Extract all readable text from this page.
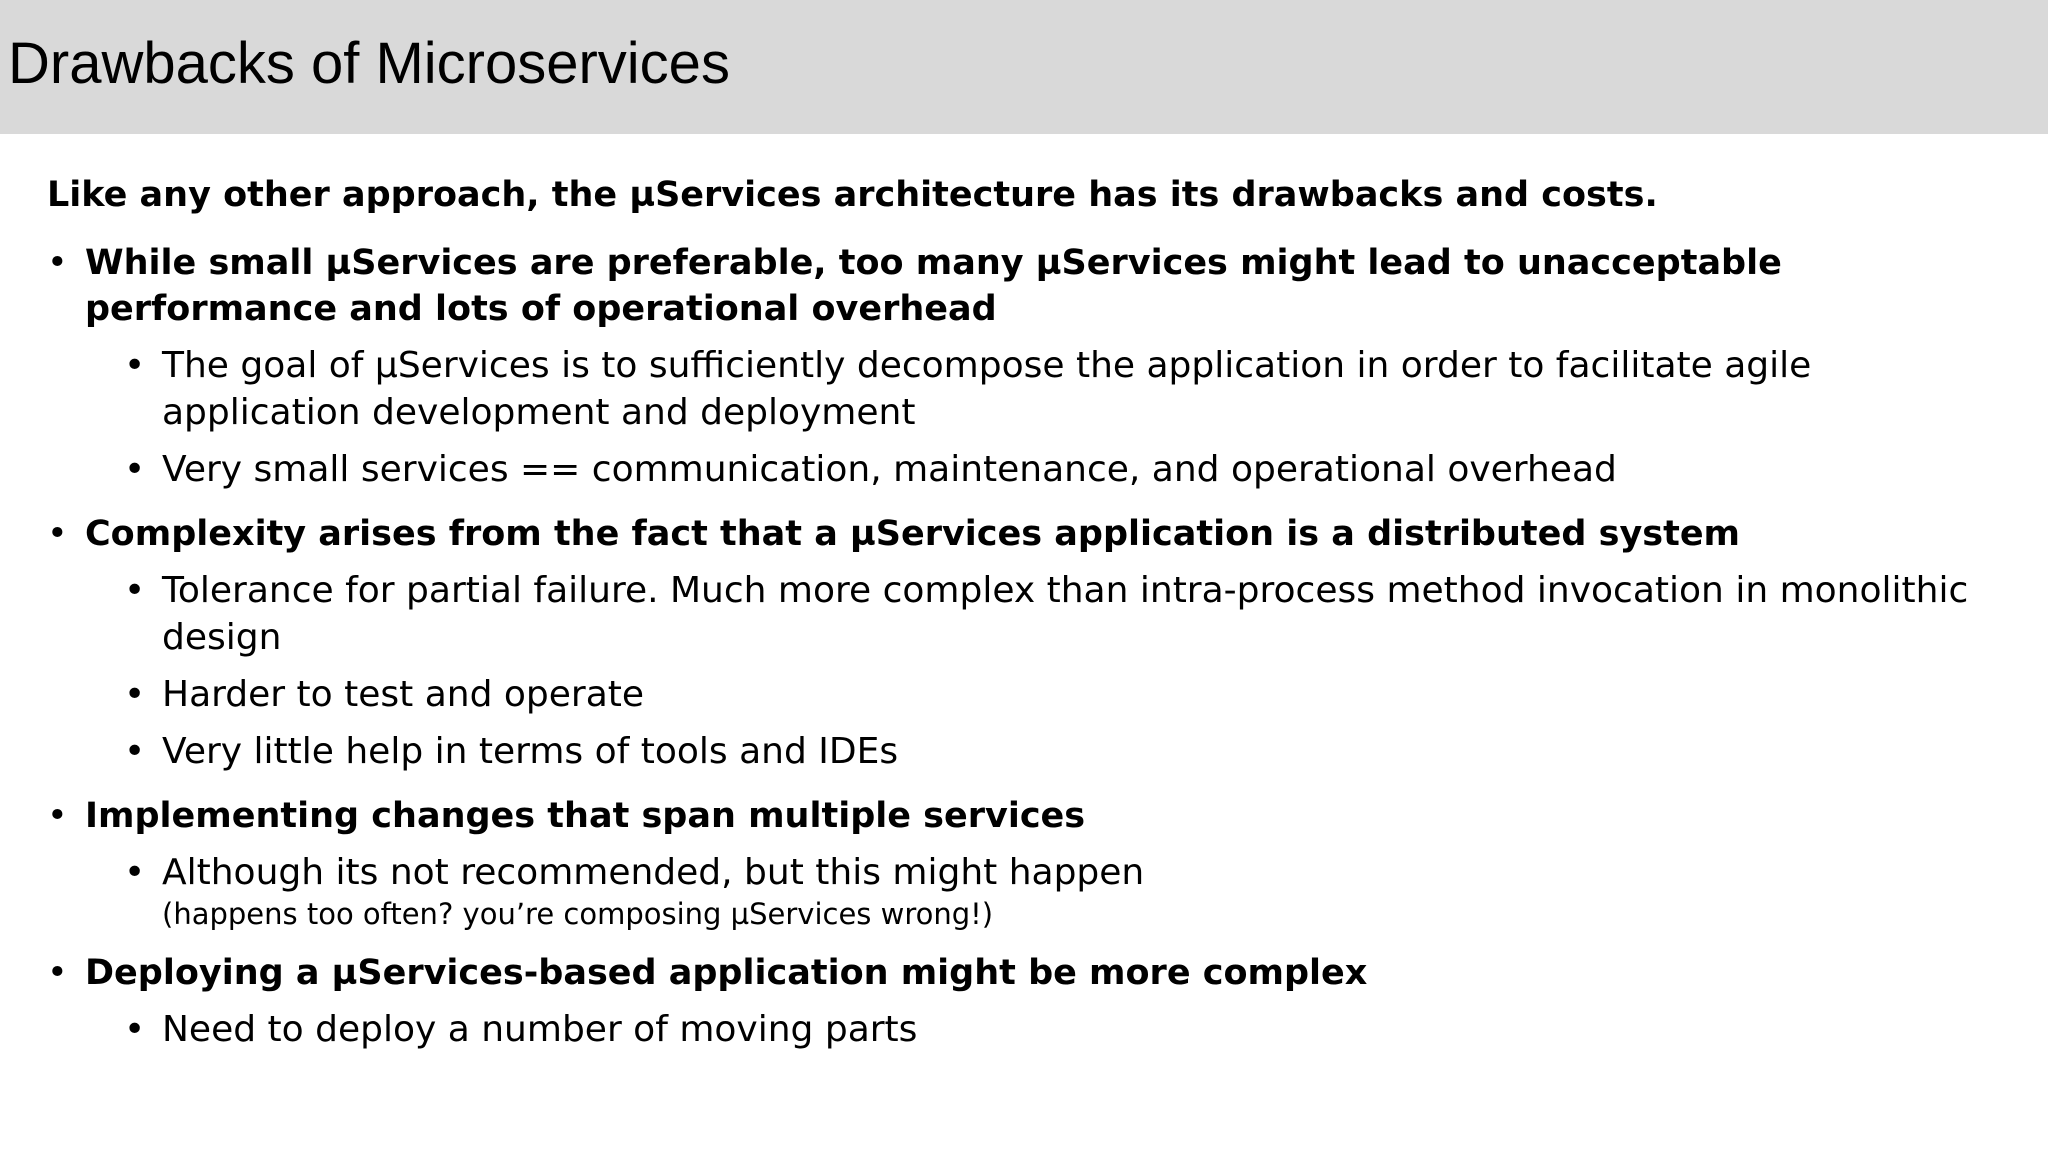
Drawbacks of Microservices

Like any other approach, the µServices architecture has its drawbacks and costs.

• While small µServices are preferable, too many µServices might lead to unacceptable performance and lots of operational overhead
• The goal of µServices is to sufficiently decompose the application in order to facilitate agile application development and deployment
• Very small services == communication, maintenance, and operational overhead
• Complexity arises from the fact that a µServices application is a distributed system
• Tolerance for partial failure. Much more complex than intra-process method invocation in monolithic design
• Harder to test and operate
• Very little help in terms of tools and IDEs
• Implementing changes that span multiple services
• Although its not recommended, but this might happen
(happens too often? you’re composing µServices wrong!)
• Deploying a µServices-based application might be more complex
• Need to deploy a number of moving parts
